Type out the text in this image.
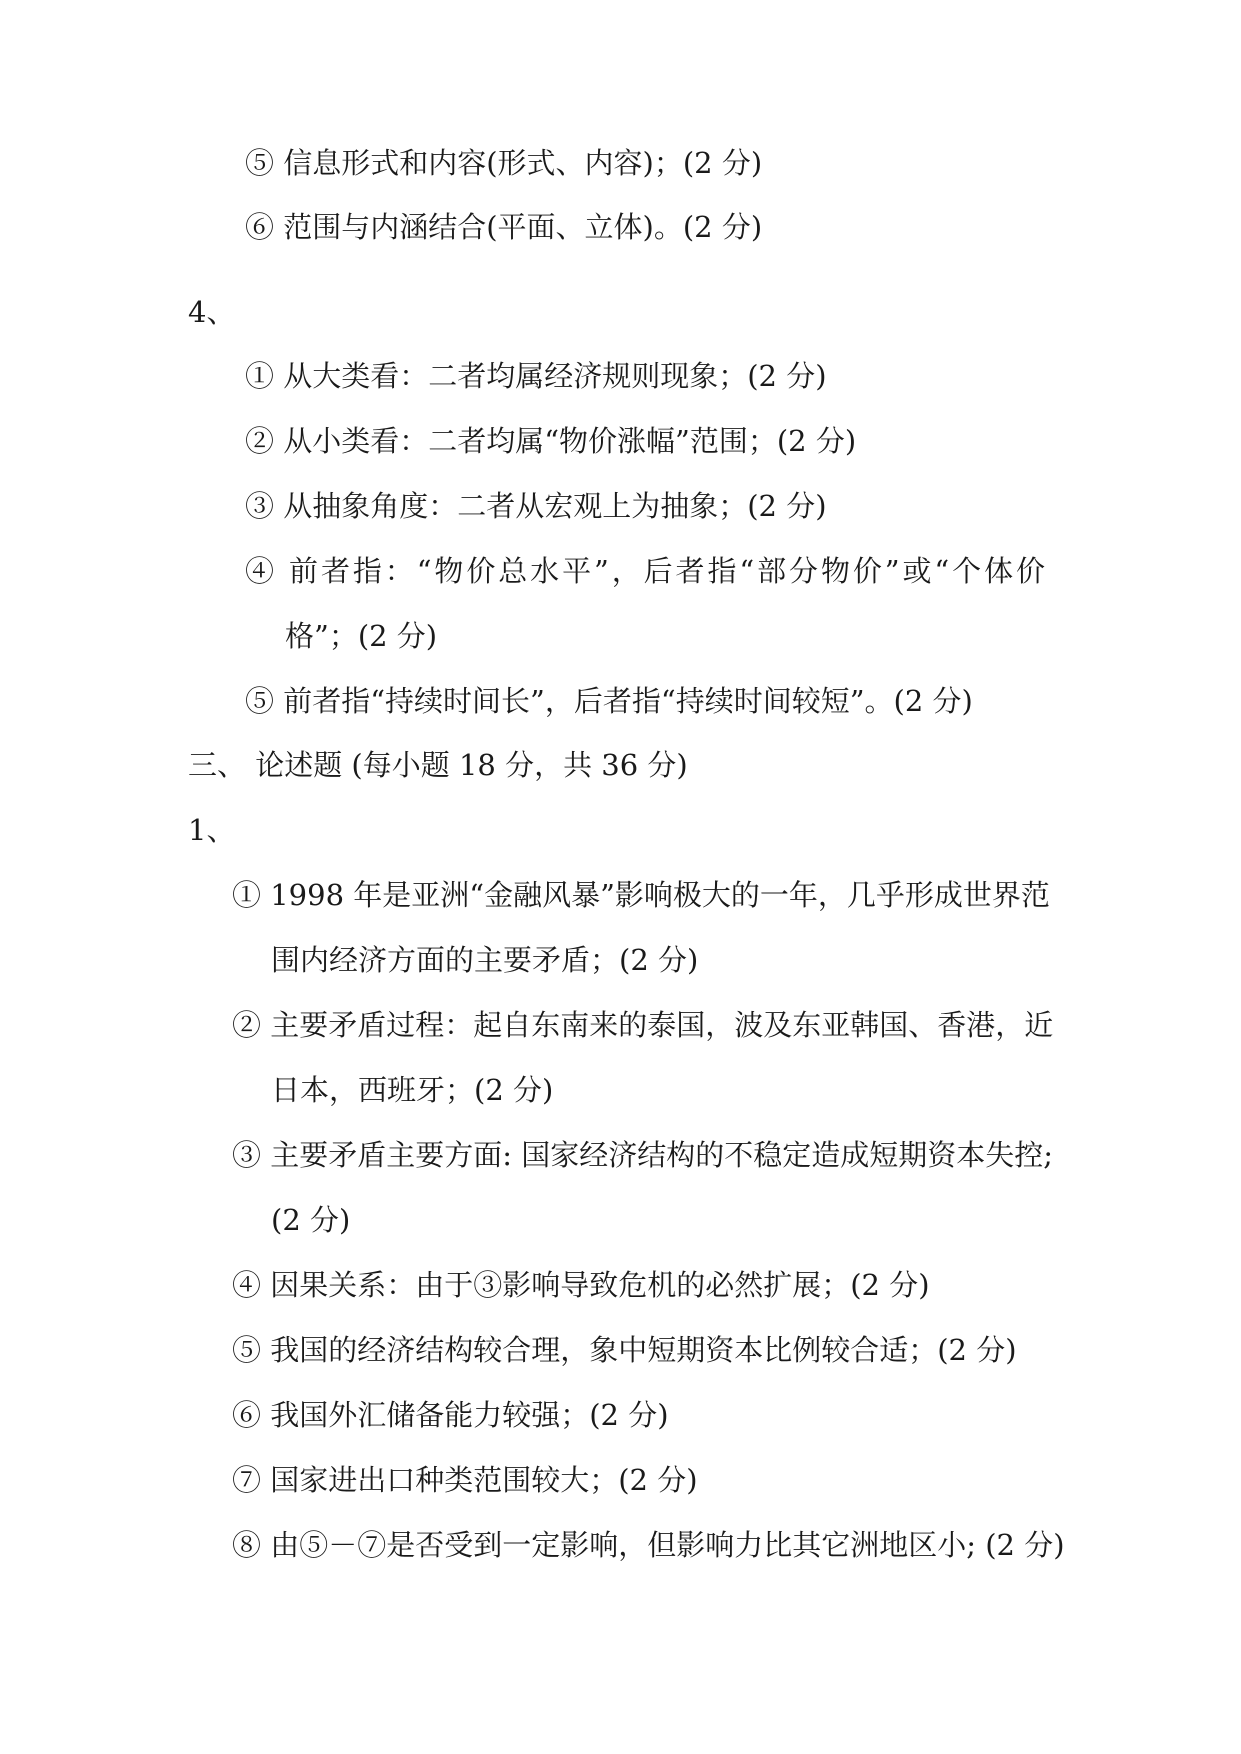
⑤ 信息形式和内容(形式、内容)；(2 分)
⑥ 范围与内涵结合(平面、立体)。(2 分)
4、
① 从大类看：二者均属经济规则现象；(2 分)
② 从小类看：二者均属“物价涨幅”范围；(2 分)
③ 从抽象角度：二者从宏观上为抽象；(2 分)
④ 前者指：“物价总水平”，后者指“部分物价”或“个体价
格”；(2 分)
⑤ 前者指“持续时间长”，后者指“持续时间较短”。(2 分)
三、 论述题 (每小题 18 分，共 36 分)
1、
① 1998 年是亚洲“金融风暴”影响极大的一年，几乎形成世界范
围内经济方面的主要矛盾；(2 分)
② 主要矛盾过程：起自东南来的泰国，波及东亚韩国、香港，近
日本，西班牙；(2 分)
③ 主要矛盾主要方面: 国家经济结构的不稳定造成短期资本失控;
(2 分)
④ 因果关系：由于③影响导致危机的必然扩展；(2 分)
⑤ 我国的经济结构较合理，象中短期资本比例较合适；(2 分)
⑥ 我国外汇储备能力较强；(2 分)
⑦ 国家进出口种类范围较大；(2 分)
⑧ 由⑤－⑦是否受到一定影响，但影响力比其它洲地区小; (2 分)
